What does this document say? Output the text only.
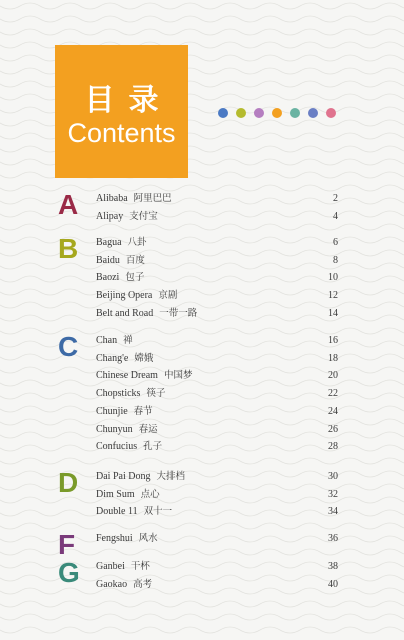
目录
Contents
A	Alibaba 阿里巴巴	2
Alipay 支付宝	4
B	Bagua 八卦	6
Baidu 百度	8
Baozi 包子	10
Beijing Opera 京剧	12
Belt and Road 一带一路	14
C	Chan 禅	16
Chang'e 嫦娥	18
Chinese Dream 中国梦	20
Chopsticks 筷子	22
Chunjie 春节	24
Chunyun 春运	26
Confucius 孔子	28
D	Dai Pai Dong 大排档	30
Dim Sum 点心	32
Double 11 双十一	34
F	Fengshui 风水	36
G	Ganbei 干杯	38
Gaokao 高考	40
